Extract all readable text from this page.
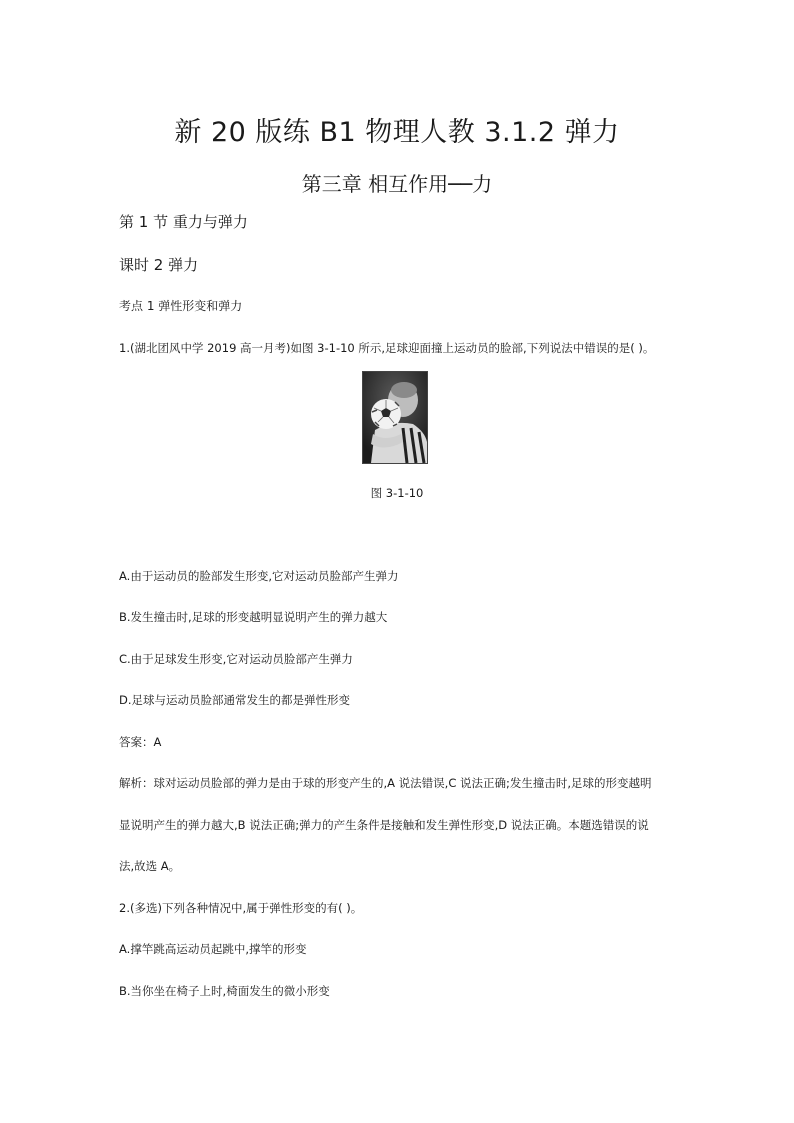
新 20 版练 B1 物理人教 3.1.2 弹力
第三章 相互作用──力
第 1 节 重力与弹力
课时 2 弹力
考点 1 弹性形变和弹力
1.(湖北团风中学 2019 高一月考)如图 3-1-10 所示,足球迎面撞上运动员的脸部,下列说法中错误的是( )。
图 3-1-10
A.由于运动员的脸部发生形变,它对运动员脸部产生弹力
B.发生撞击时,足球的形变越明显说明产生的弹力越大
C.由于足球发生形变,它对运动员脸部产生弹力
D.足球与运动员脸部通常发生的都是弹性形变
答案：A
解析：球对运动员脸部的弹力是由于球的形变产生的,A 说法错误,C 说法正确;发生撞击时,足球的形变越明
显说明产生的弹力越大,B 说法正确;弹力的产生条件是接触和发生弹性形变,D 说法正确。本题选错误的说
法,故选 A。
2.(多选)下列各种情况中,属于弹性形变的有( )。
A.撑竿跳高运动员起跳中,撑竿的形变
B.当你坐在椅子上时,椅面发生的微小形变
